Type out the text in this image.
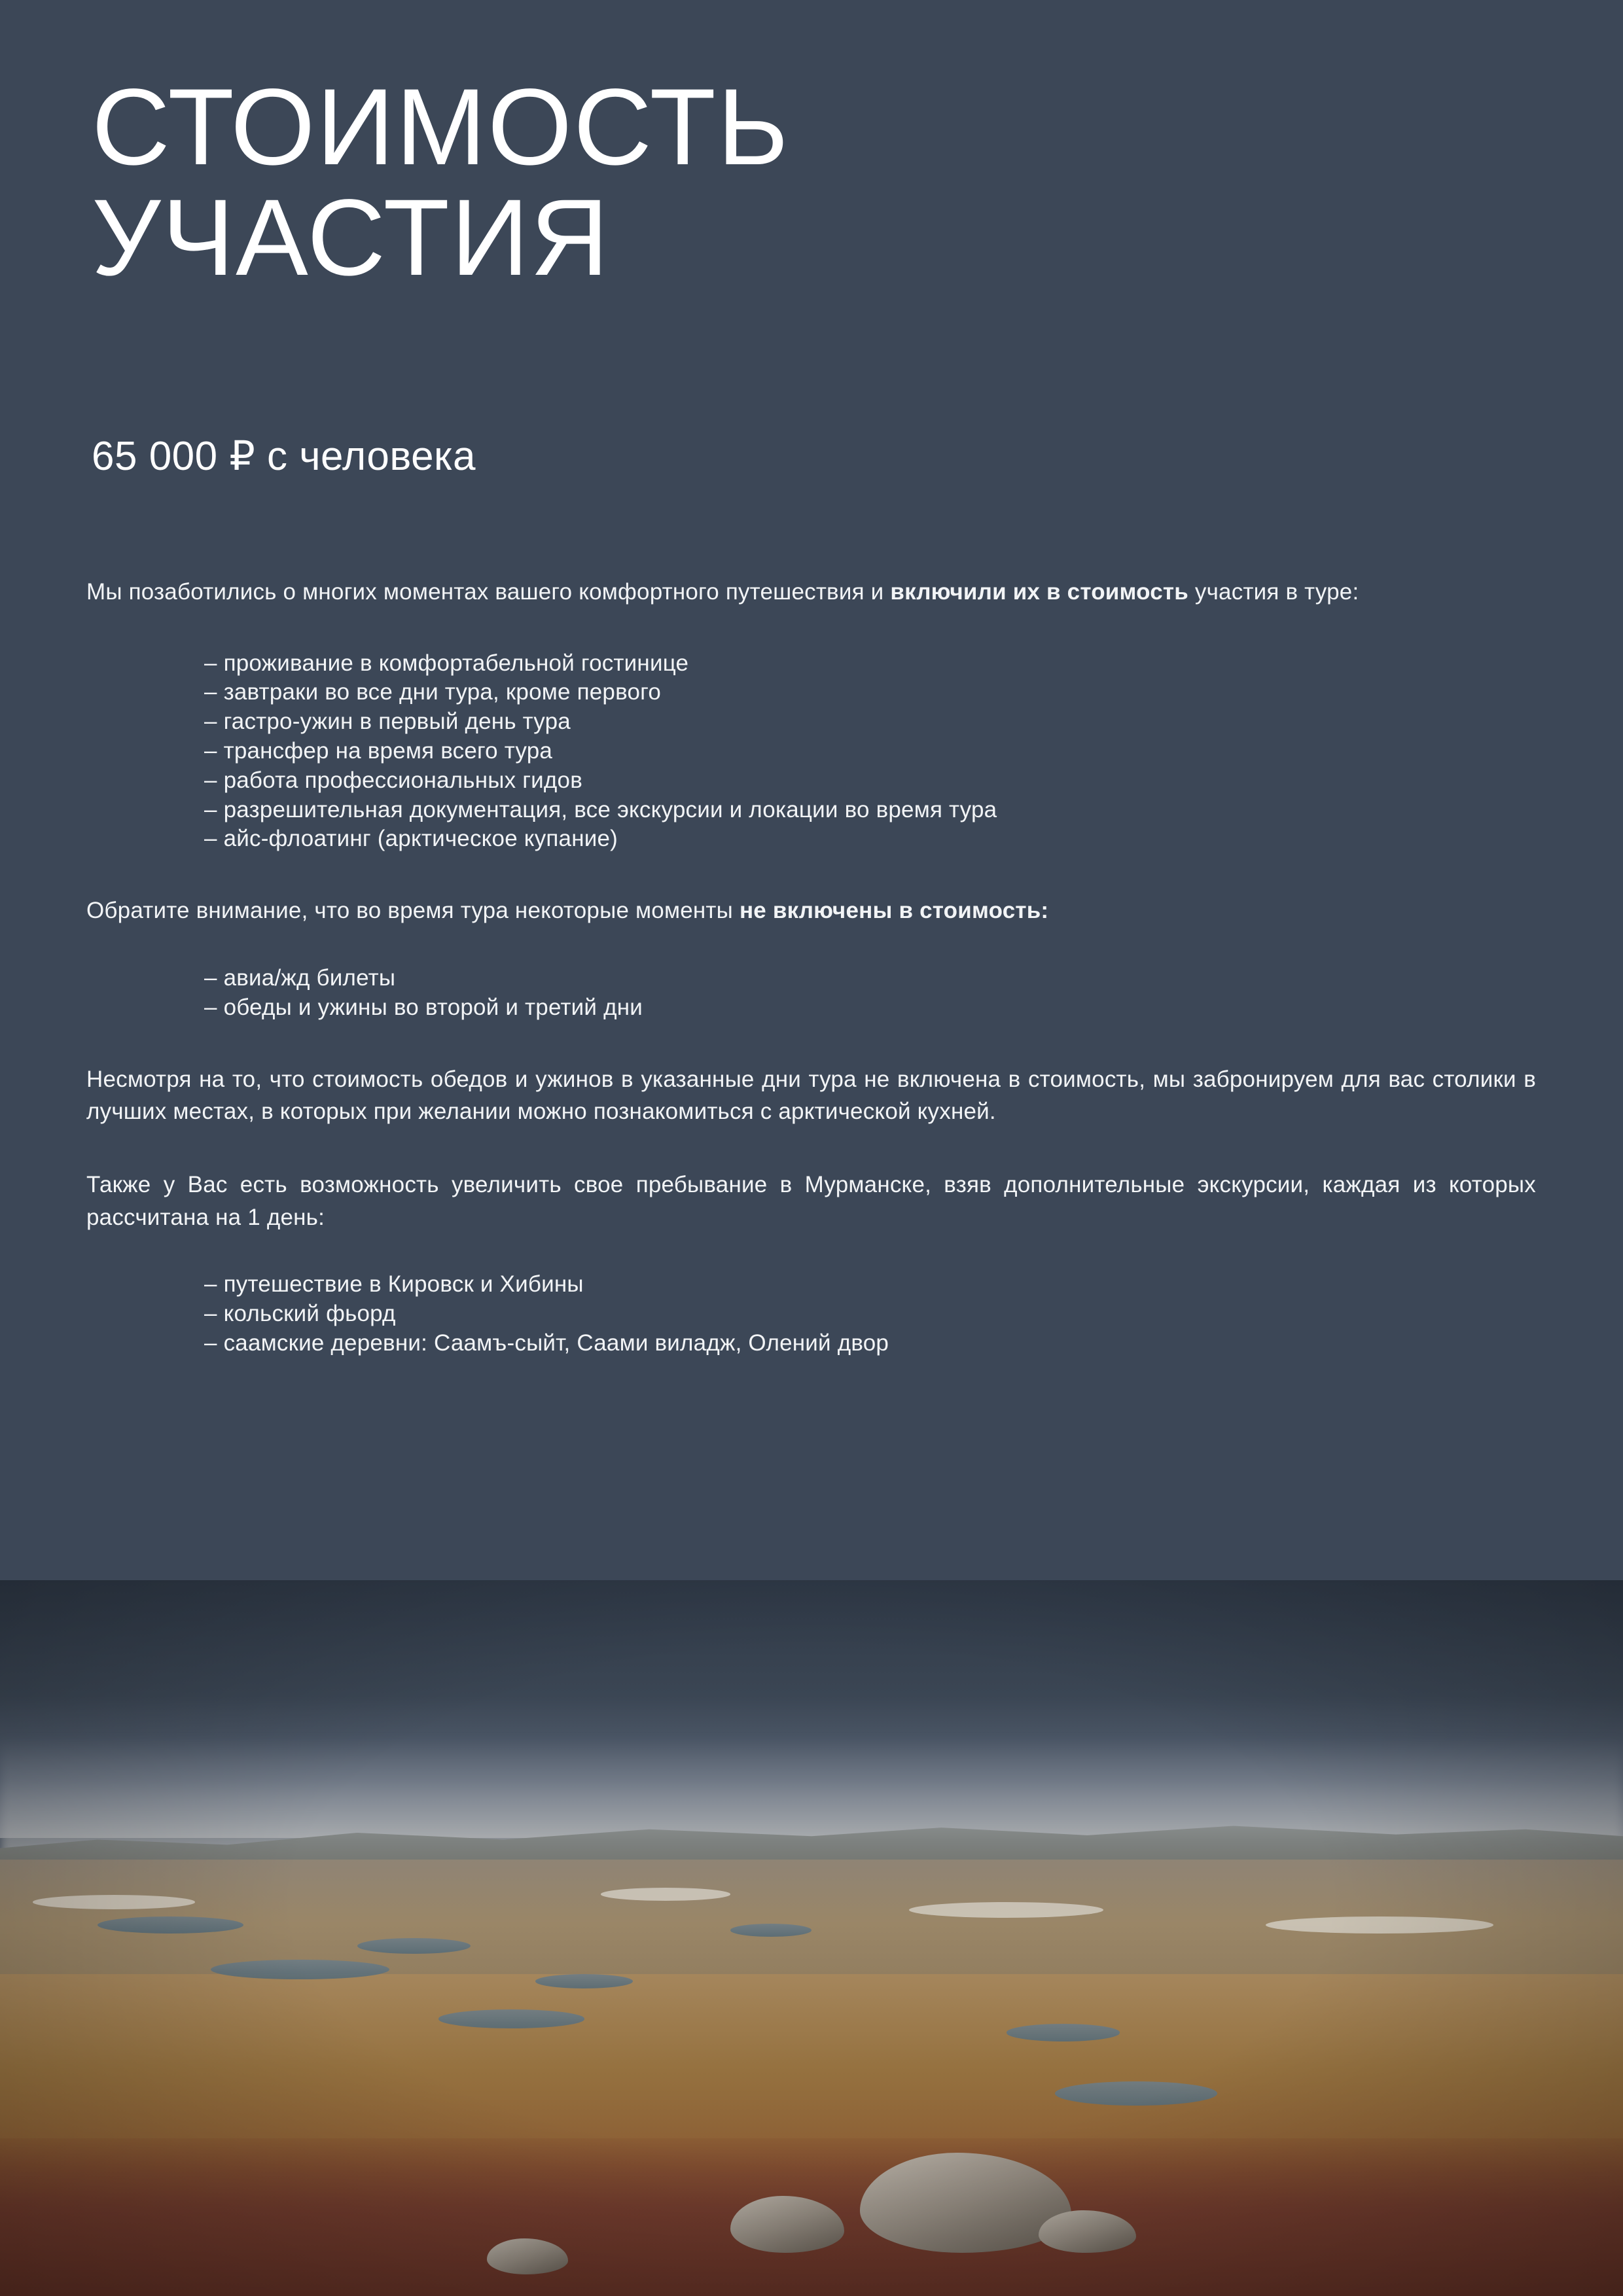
СТОИМОСТЬ
УЧАСТИЯ
65 000 ₽ с человека

Мы позаботились о многих моментах вашего комфортного путешествия и включили их в стоимость участия в туре:

– проживание в комфортабельной гостинице
– завтраки во все дни тура, кроме первого
– гастро-ужин в первый день тура
– трансфер на время всего тура
– работа профессиональных гидов
– разрешительная документация, все экскурсии и локации во время тура
– айс-флоатинг (арктическое купание)

Обратите внимание, что во время тура некоторые моменты не включены в стоимость:

– авиа/жд билеты
– обеды и ужины во второй и третий дни

Несмотря на то, что стоимость обедов и ужинов в указанные дни тура не включена в стоимость, мы забронируем для вас столики в лучших местах, в которых при желании можно познакомиться с арктической кухней.

Также у Вас есть возможность увеличить свое пребывание в Мурманске, взяв дополнительные экскурсии, каждая из которых рассчитана на 1 день:

– путешествие в Кировск и Хибины
– кольский фьорд
– саамские деревни: Саамъ-сыйт, Саами виладж, Олений двор
